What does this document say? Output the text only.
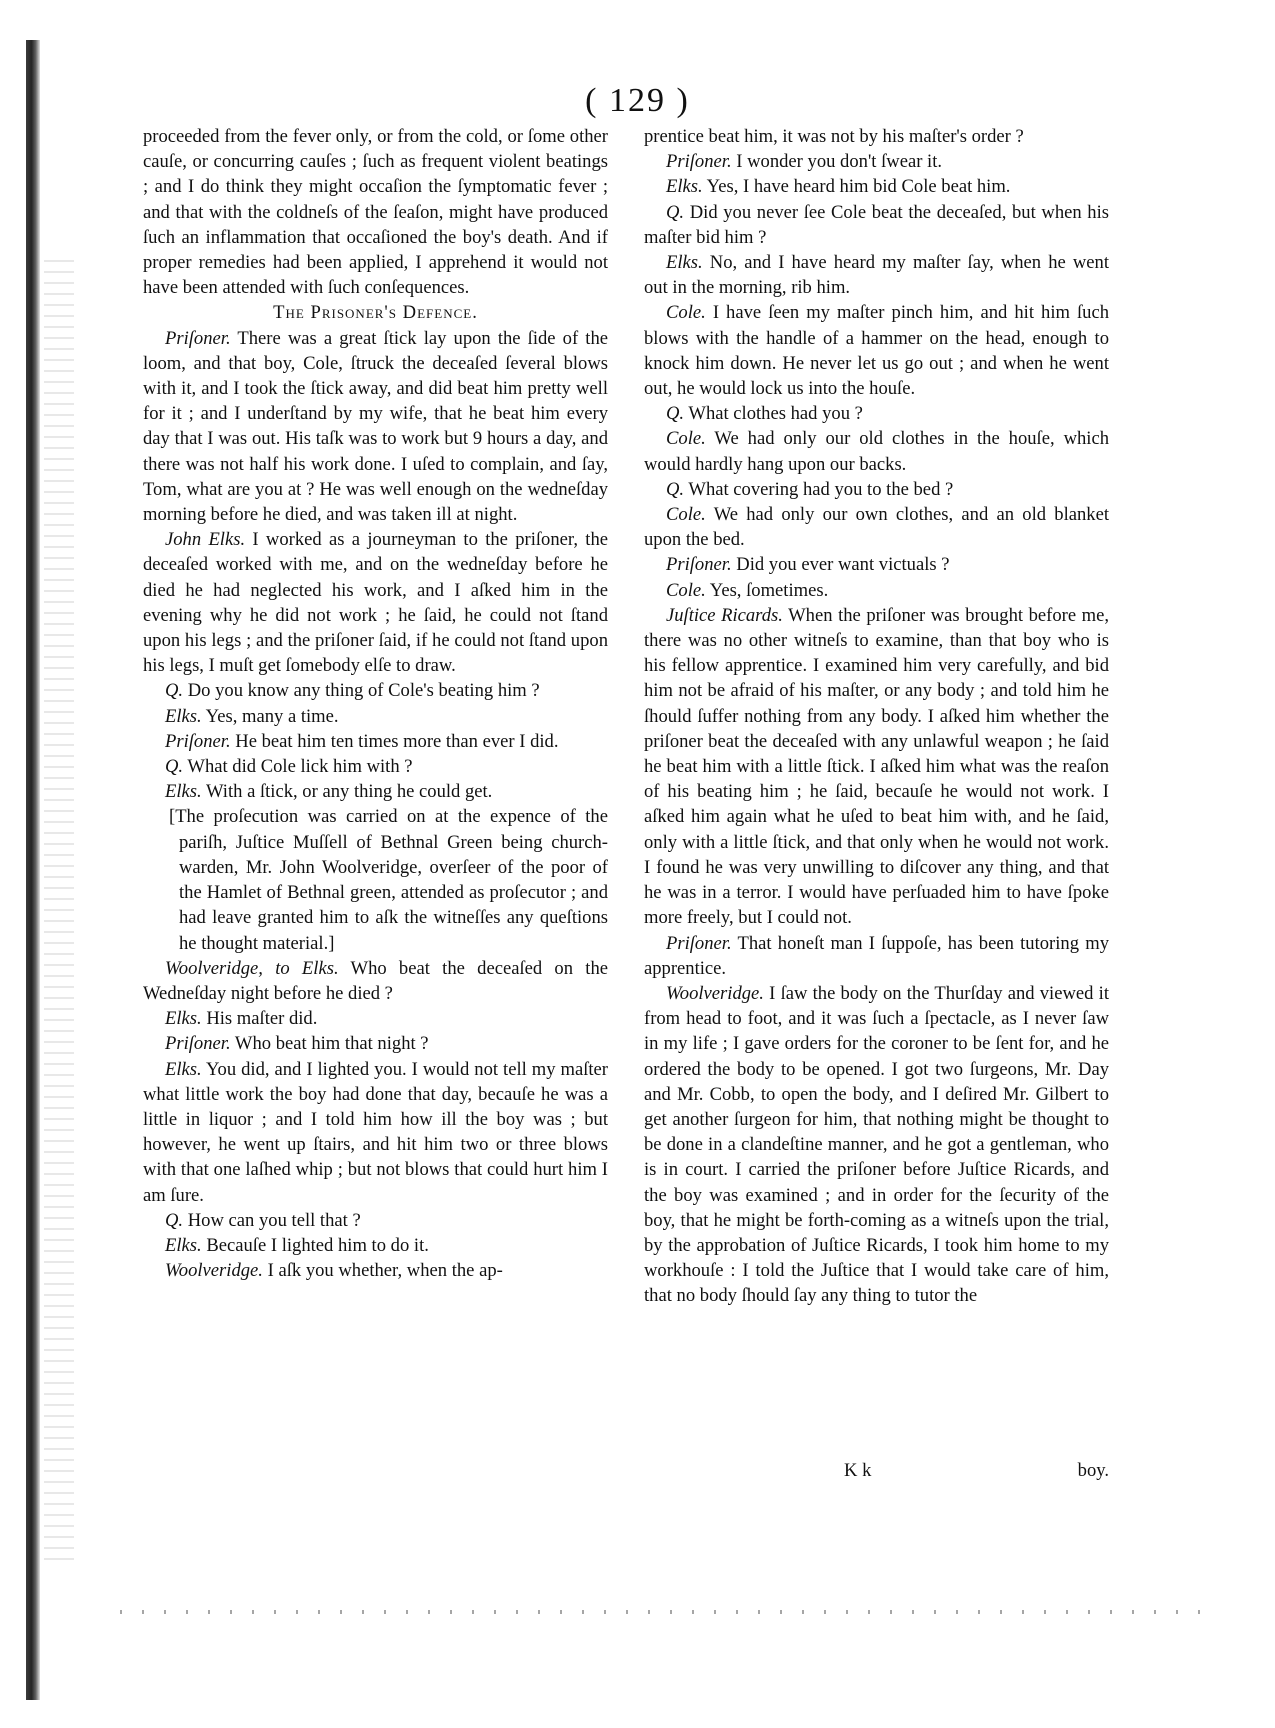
( 129 )

proceeded from the fever only, or from the cold, or ſome other cauſe, or concurring cauſes ; ſuch as frequent violent beatings ; and I do think they might occaſion the ſymptomatic fever ; and that with the coldneſs of the ſeaſon, might have produced ſuch an inflammation that occaſioned the boy's death. And if proper remedies had been applied, I apprehend it would not have been attended with ſuch conſequences.

The Prisoner's Defence.

Priſoner. There was a great ſtick lay upon the ſide of the loom, and that boy, Cole, ſtruck the deceaſed ſeveral blows with it, and I took the ſtick away, and did beat him pretty well for it ; and I underſtand by my wife, that he beat him every day that I was out. His taſk was to work but 9 hours a day, and there was not half his work done. I uſed to complain, and ſay, Tom, what are you at ? He was well enough on the wedneſday morning before he died, and was taken ill at night.

John Elks. I worked as a journeyman to the priſoner, the deceaſed worked with me, and on the wedneſday before he died he had neglected his work, and I aſked him in the evening why he did not work ; he ſaid, he could not ſtand upon his legs ; and the priſoner ſaid, if he could not ſtand upon his legs, I muſt get ſomebody elſe to draw.

Q. Do you know any thing of Cole's beating him ?

Elks. Yes, many a time.

Priſoner. He beat him ten times more than ever I did.

Q. What did Cole lick him with ?

Elks. With a ſtick, or any thing he could get.

[The proſecution was carried on at the expence of the pariſh, Juſtice Muſſell of Bethnal Green being church-warden, Mr. John Woolveridge, overſeer of the poor of the Hamlet of Bethnal green, attended as proſecutor ; and had leave granted him to aſk the witneſſes any queſtions he thought material.]

Woolveridge, to Elks. Who beat the deceaſed on the Wedneſday night before he died ?

Elks. His maſter did.

Priſoner. Who beat him that night ?

Elks. You did, and I lighted you. I would not tell my maſter what little work the boy had done that day, becauſe he was a little in liquor ; and I told him how ill the boy was ; but however, he went up ſtairs, and hit him two or three blows with that one laſhed whip ; but not blows that could hurt him I am ſure.

Q. How can you tell that ?

Elks. Becauſe I lighted him to do it.

Woolveridge. I aſk you whether, when the ap-

prentice beat him, it was not by his maſter's order ?

Priſoner. I wonder you don't ſwear it.

Elks. Yes, I have heard him bid Cole beat him.

Q. Did you never ſee Cole beat the deceaſed, but when his maſter bid him ?

Elks. No, and I have heard my maſter ſay, when he went out in the morning, rib him.

Cole. I have ſeen my maſter pinch him, and hit him ſuch blows with the handle of a hammer on the head, enough to knock him down. He never let us go out ; and when he went out, he would lock us into the houſe.

Q. What clothes had you ?

Cole. We had only our old clothes in the houſe, which would hardly hang upon our backs.

Q. What covering had you to the bed ?

Cole. We had only our own clothes, and an old blanket upon the bed.

Priſoner. Did you ever want victuals ?

Cole. Yes, ſometimes.

Juſtice Ricards. When the priſoner was brought before me, there was no other witneſs to examine, than that boy who is his fellow apprentice. I examined him very carefully, and bid him not be afraid of his maſter, or any body ; and told him he ſhould ſuffer nothing from any body. I aſked him whether the priſoner beat the deceaſed with any unlawful weapon ; he ſaid he beat him with a little ſtick. I aſked him what was the reaſon of his beating him ; he ſaid, becauſe he would not work. I aſked him again what he uſed to beat him with, and he ſaid, only with a little ſtick, and that only when he would not work. I found he was very unwilling to diſcover any thing, and that he was in a terror. I would have perſuaded him to have ſpoke more freely, but I could not.

Priſoner. That honeſt man I ſuppoſe, has been tutoring my apprentice.

Woolveridge. I ſaw the body on the Thurſday and viewed it from head to foot, and it was ſuch a ſpectacle, as I never ſaw in my life ; I gave orders for the coroner to be ſent for, and he ordered the body to be opened. I got two ſurgeons, Mr. Day and Mr. Cobb, to open the body, and I deſired Mr. Gilbert to get another ſurgeon for him, that nothing might be thought to be done in a clandeſtine manner, and he got a gentleman, who is in court. I carried the priſoner before Juſtice Ricards, and the boy was examined ; and in order for the ſecurity of the boy, that he might be forth-coming as a witneſs upon the trial, by the approbation of Juſtice Ricards, I took him home to my workhouſe : I told the Juſtice that I would take care of him, that no body ſhould ſay any thing to tutor the

K k	boy.
